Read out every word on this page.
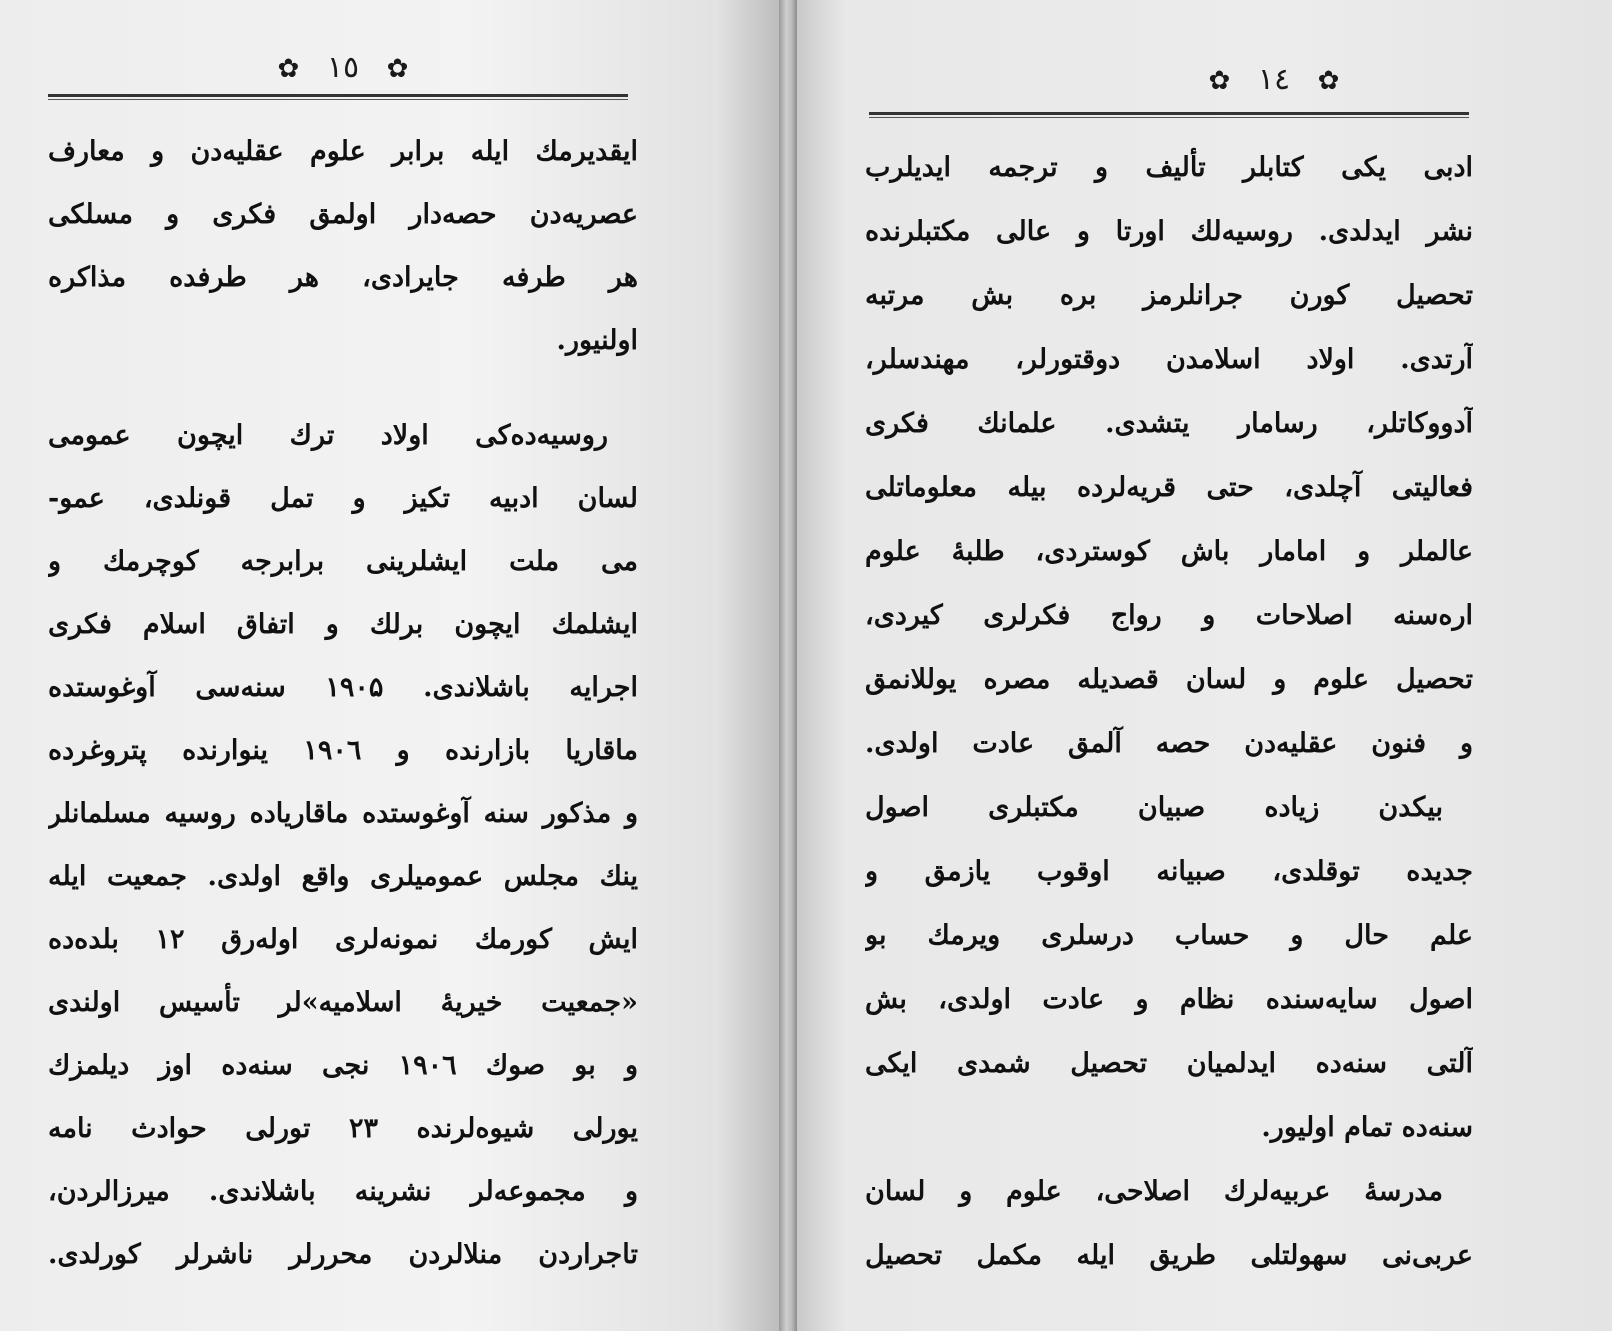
✿ ١٥ ✿
ایقدیرمك ایله برابر علوم عقلیه‌دن و معارف
عصریه‌دن حصه‌دار اولمق فکری و مسلکی
هر طرفه جایرادی، هر طرفده مذاکره
اولنیور.
روسیه‌ده‌کی اولاد ترك ایچون عمومی
لسان ادبیه تکیز و تمل قونلدی، عمو-
می ملت ایشلرینی برابرجه کوچرمك و
ایشلمك ایچون برلك و اتفاق اسلام فکری
اجرایه باشلاندی. ۱۹۰۵ سنه‌سی آوغوستده
ماقاریا بازارنده و ۱۹۰٦ ینوارنده پتروغرده
و مذکور سنه آوغوستده ماقاریاده روسیه مسلمانلر
ینك مجلس عمومیلری واقع اولدی. جمعیت ایله
ایش کورمك نمونه‌لری اوله‌رق ۱۲ بلده‌ده
«جمعیت خیریهٔ اسلامیه»لر تأسیس اولندی
و بو صوك ۱۹۰٦ نجی سنه‌ده اوز دیلمزك
یورلی شیوه‌لرنده ۲۳ تورلی حوادث نامه
و مجموعه‌لر نشرینه باشلاندی. میرزالردن،
تاجراردن منلالردن محررلر ناشرلر کورلدی.
✿ ١٤ ✿
ادبی یکی کتابلر تألیف و ترجمه ایدیلرب
نشر ایدلدی. روسیه‌لك اورتا و عالی مکتبلرنده
تحصیل کورن جرانلرمز بره بش مرتبه
آرتدی. اولاد اسلامدن دوقتورلر، مهندسلر،
آدووکاتلر، رسامار یتشدی. علمانك فکری
فعالیتی آچلدی، حتی قریه‌لرده بیله معلوماتلی
عالملر و امامار باش کوستردی، طلبهٔ علوم
اره‌سنه اصلاحات و رواج فکرلری کیردی،
تحصیل علوم و لسان قصدیله مصره یوللانمق
و فنون عقلیه‌دن حصه آلمق عادت اولدی.
بیکدن زیاده صبیان مکتبلری اصول
جدیده توقلدی، صبیانه اوقوب یازمق و
علم حال و حساب درسلری ویرمك بو
اصول سایه‌سنده نظام و عادت اولدی، بش
آلتی سنه‌ده ایدلمیان تحصیل شمدی ایکی
سنه‌ده تمام اولیور.
مدرسهٔ عربیه‌لرك اصلاحی، علوم و لسان
عربی‌نی سهولتلی طریق ایله مکمل تحصیل
